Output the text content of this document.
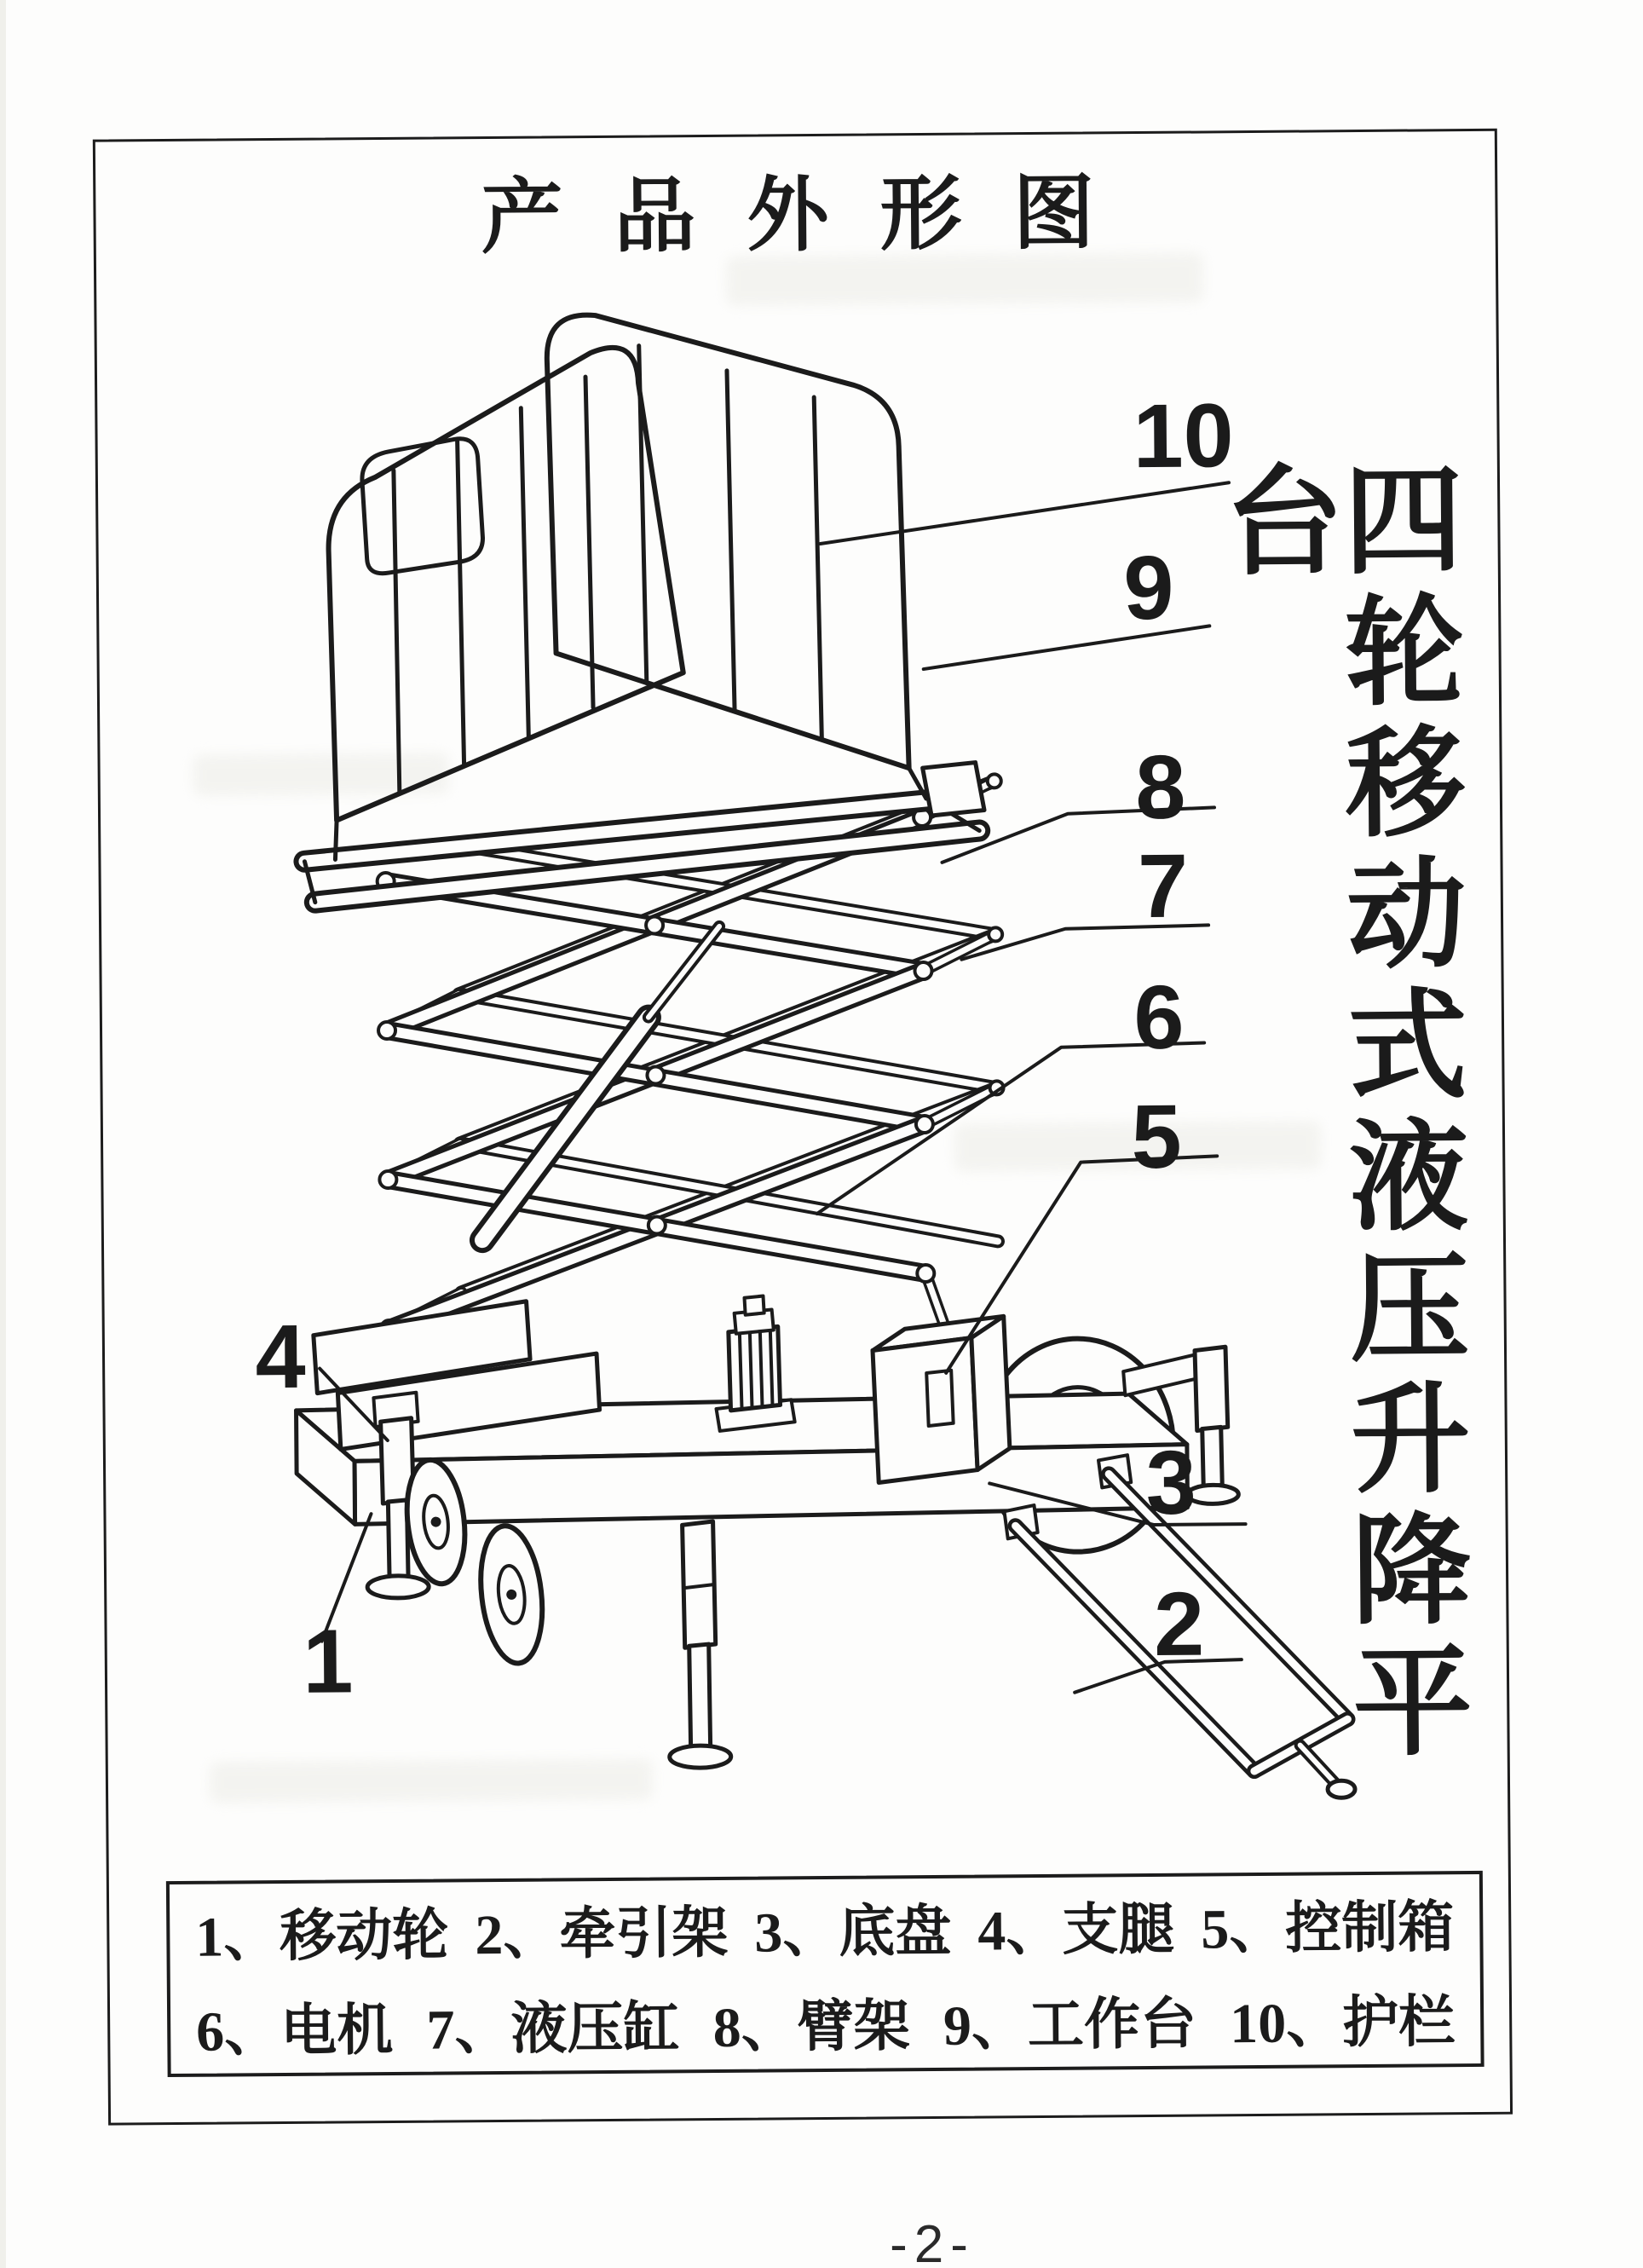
产 品 外 形 图
四轮移动式液压升降平台
1、移动轮 2、牵引架 3、底盘 4、支腿 5、控制箱
6、电机 7、液压缸 8、臂架 9、工作台 10、护栏
10
9
8
7
6
5
4
3
2
1
-2-
